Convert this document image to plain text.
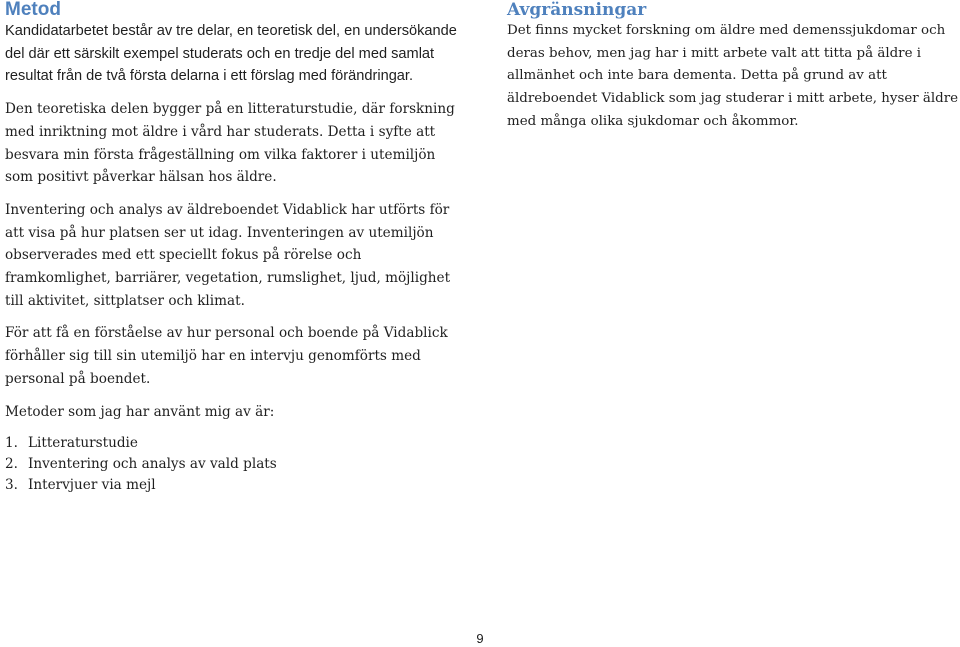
Metod

Kandidatarbetet består av tre delar, en teoretisk del, en undersökande del där ett särskilt exempel studerats och en tredje del med samlat resultat från de två första delarna i ett förslag med förändringar.

Den teoretiska delen bygger på en litteraturstudie, där forskning med inriktning mot äldre i vård har studerats. Detta i syfte att besvara min första frågeställning om vilka faktorer i utemiljön som positivt påverkar hälsan hos äldre.

Inventering och analys av äldreboendet Vidablick har utförts för att visa på hur platsen ser ut idag. Inventeringen av utemiljön observerades med ett speciellt fokus på rörelse och framkomlighet, barriärer, vegetation, rumslighet, ljud, möjlighet till aktivitet, sittplatser och klimat.

För att få en förståelse av hur personal och boende på Vidablick förhåller sig till sin utemiljö har en intervju genomförts med personal på boendet.

Metoder som jag har använt mig av är:

1. Litteraturstudie
2. Inventering och analys av vald plats
3. Intervjuer via mejl
Avgränsningar

Det finns mycket forskning om äldre med demenssjukdomar och deras behov, men jag har i mitt arbete valt att titta på äldre i allmänhet och inte bara dementa. Detta på grund av att äldreboendet Vidablick som jag studerar i mitt arbete, hyser äldre med många olika sjukdomar och åkommor.

9
